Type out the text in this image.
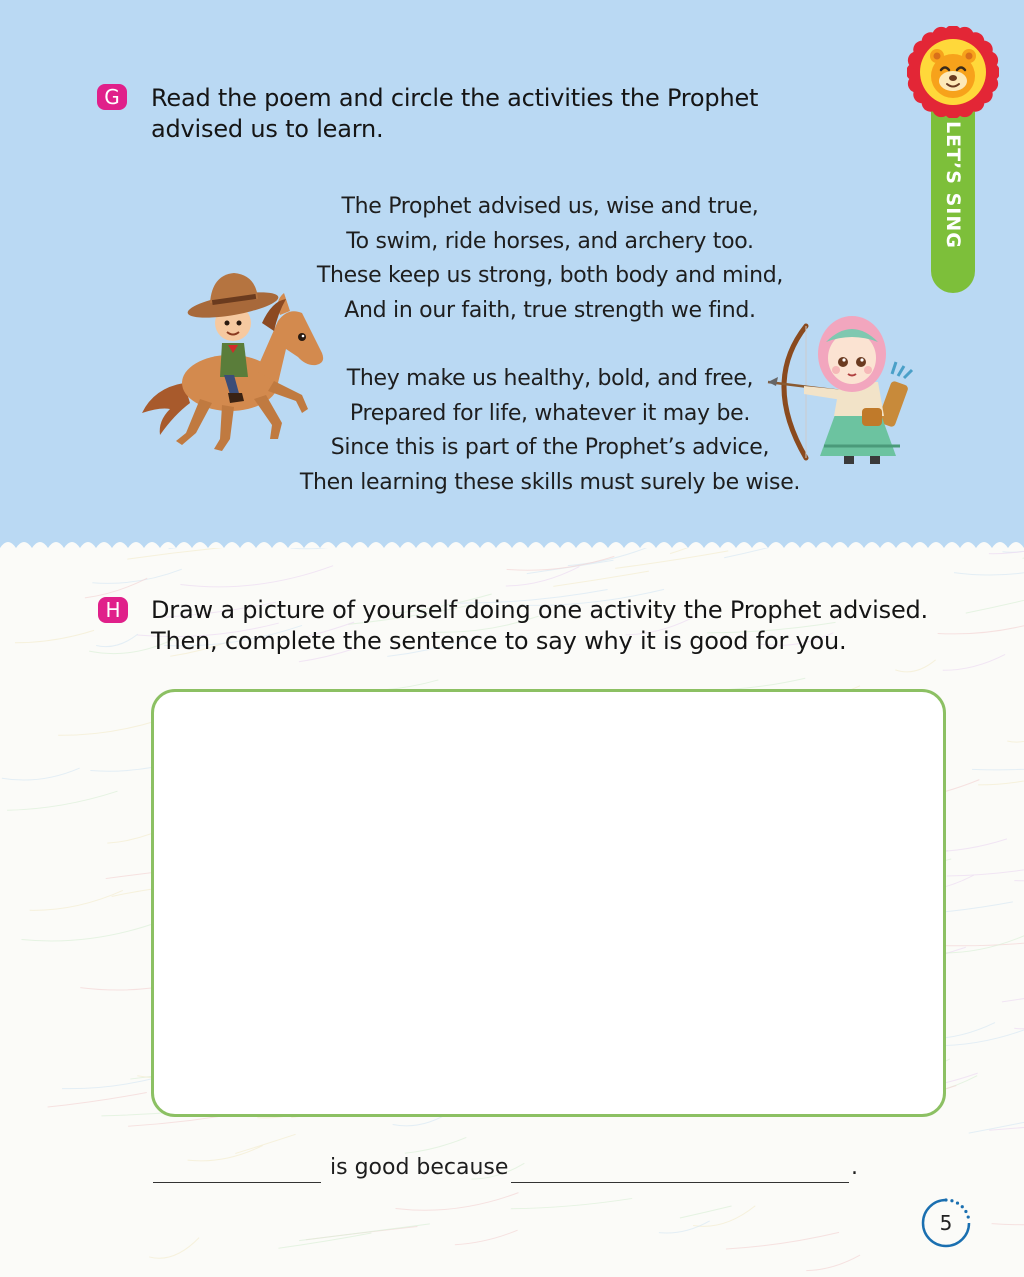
LET’S SING
G	Read the poem and circle the activities the Prophet
advised us to learn.
The Prophet advised us, wise and true,
To swim, ride horses, and archery too.
These keep us strong, both body and mind,
And in our faith, true strength we find.
They make us healthy, bold, and free,
Prepared for life, whatever it may be.
Since this is part of the Prophet’s advice,
Then learning these skills must surely be wise.
H	Draw a picture of yourself doing one activity the Prophet advised.
Then, complete the sentence to say why it is good for you.
is good because	.
5
